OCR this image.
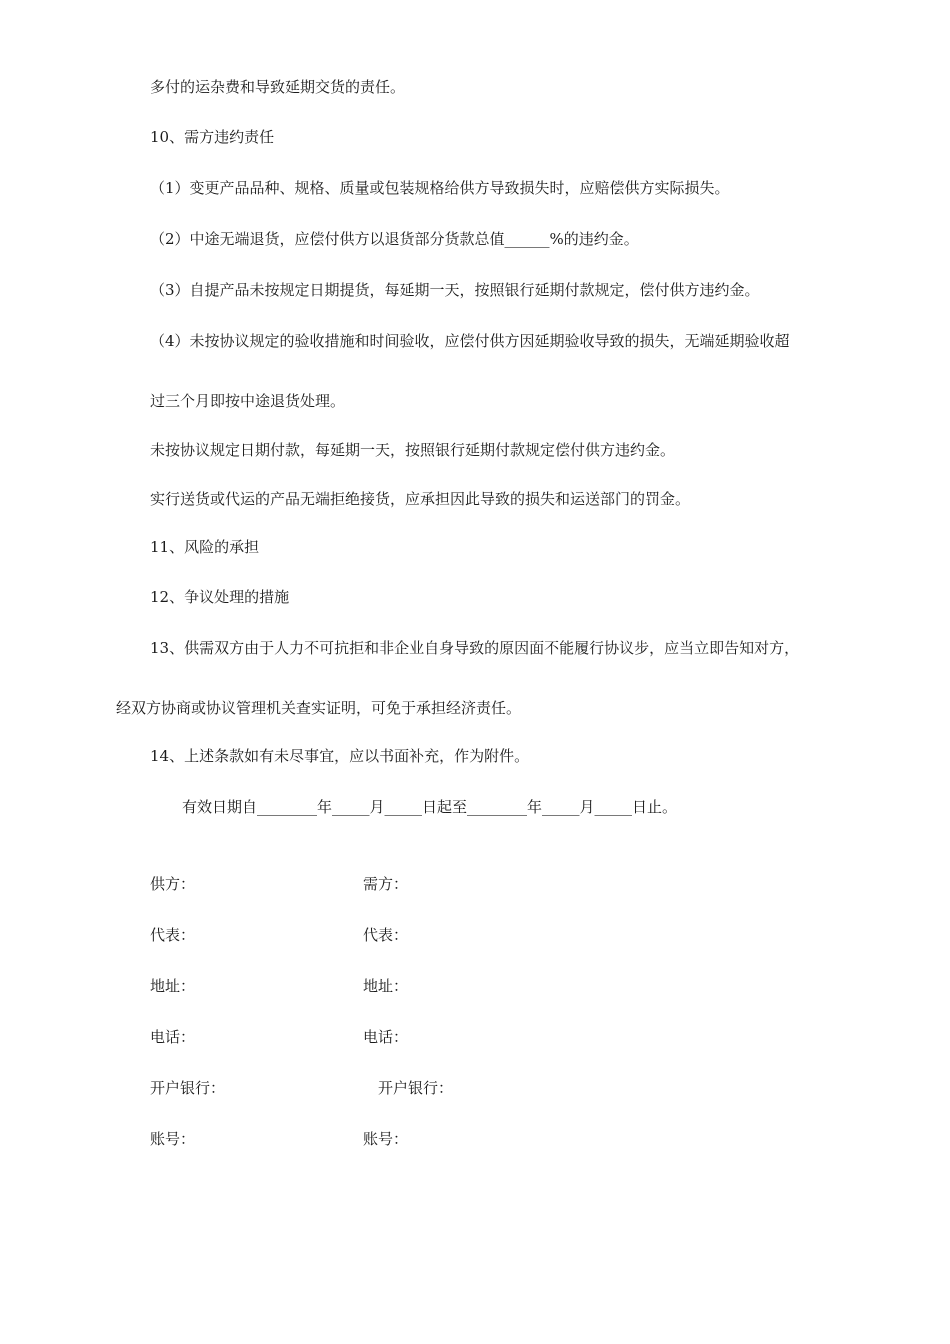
多付的运杂费和导致延期交货的责任。
10、需方违约责任
（1）变更产品品种、规格、质量或包装规格给供方导致损失时，应赔偿供方实际损失。
（2）中途无端退货，应偿付供方以退货部分货款总值______%的违约金。
（3）自提产品未按规定日期提货，每延期一天，按照银行延期付款规定，偿付供方违约金。
（4）未按协议规定的验收措施和时间验收，应偿付供方因延期验收导致的损失，无端延期验收超
过三个月即按中途退货处理。
未按协议规定日期付款，每延期一天，按照银行延期付款规定偿付供方违约金。
实行送货或代运的产品无端拒绝接货，应承担因此导致的损失和运送部门的罚金。
11、风险的承担
12、争议处理的措施
13、供需双方由于人力不可抗拒和非企业自身导致的原因面不能履行协议步，应当立即告知对方，
经双方协商或协议管理机关查实证明，可免于承担经济责任。
14、上述条款如有未尽事宜，应以书面补充，作为附件。
有效日期自________年_____月_____日起至________年_____月_____日止。
供方：
代表：
地址：
电话：
开户银行：
账号：
需方：
代表：
地址：
电话：
开户银行：
账号：
